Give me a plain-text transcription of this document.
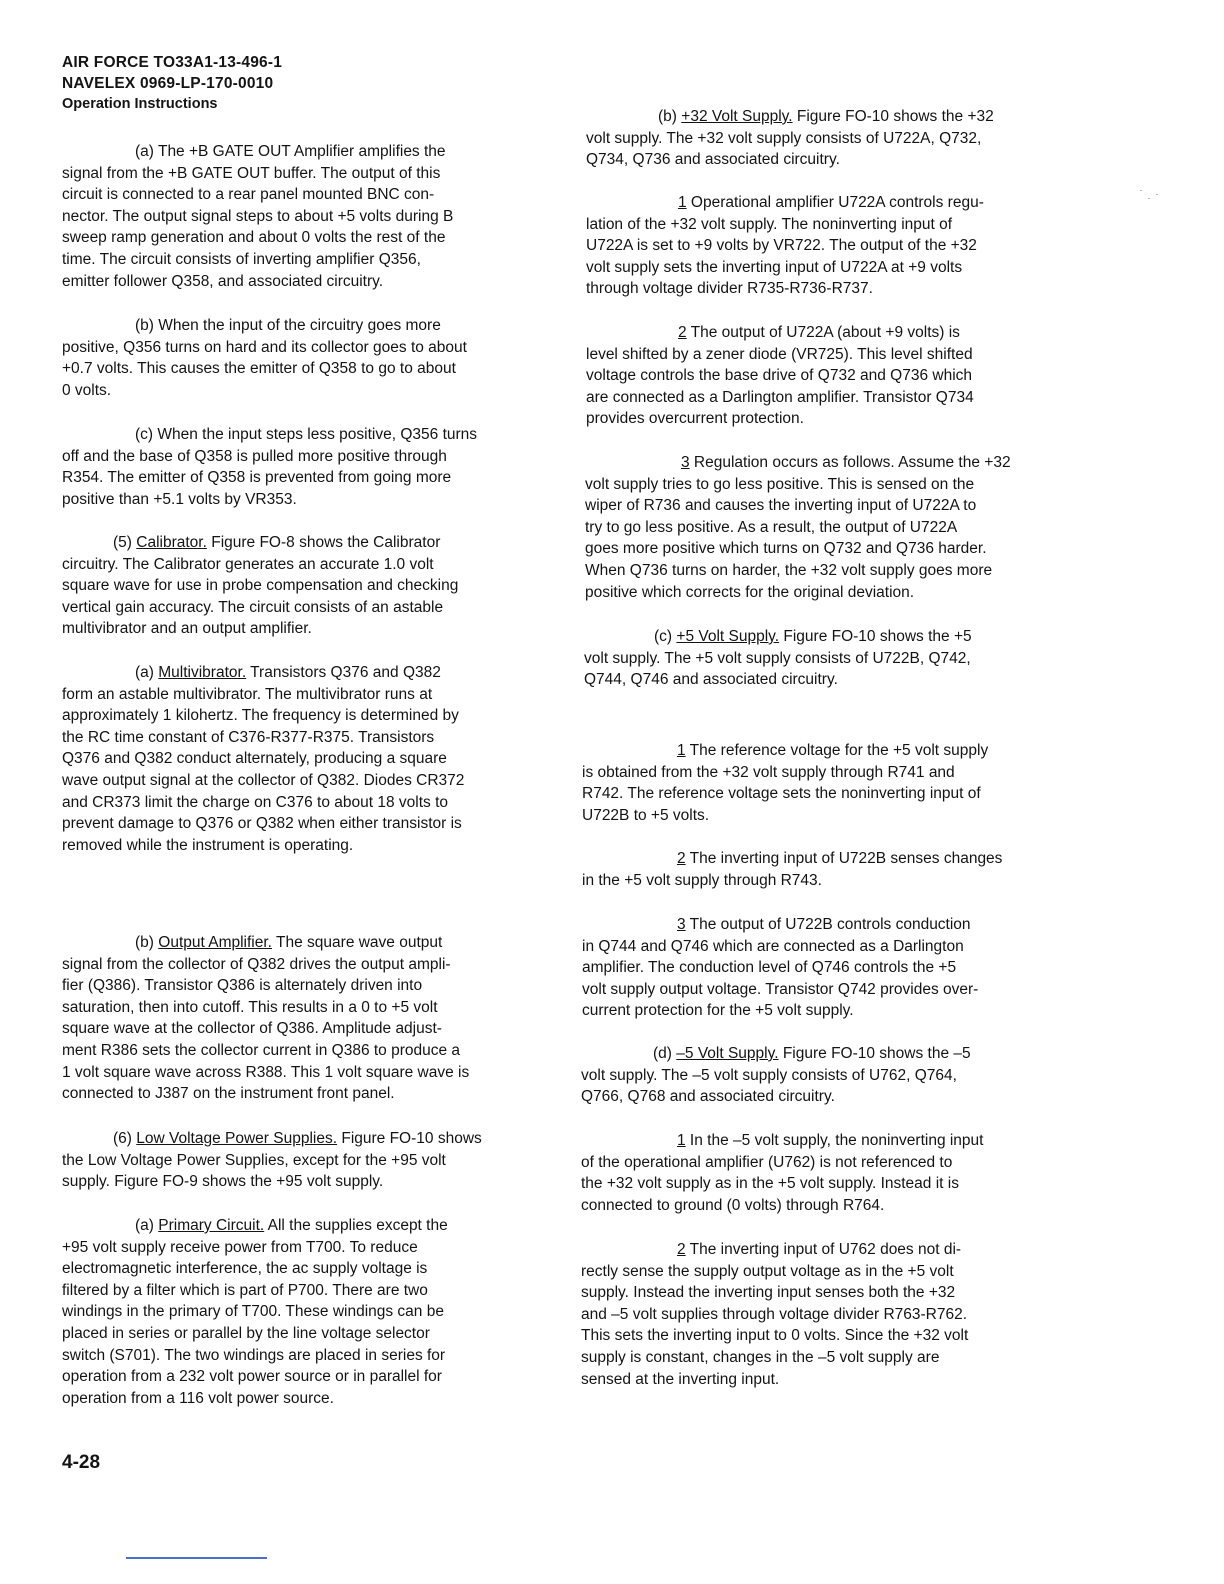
AIR FORCE TO33A1-13-496-1
NAVELEX 0969-LP-170-0010
Operation Instructions

(a) The +B GATE OUT Amplifier amplifies the
signal from the +B GATE OUT buffer. The output of this
circuit is connected to a rear panel mounted BNC con-
nector. The output signal steps to about +5 volts during B
sweep ramp generation and about 0 volts the rest of the
time. The circuit consists of inverting amplifier Q356,
emitter follower Q358, and associated circuitry.

(b) When the input of the circuitry goes more
positive, Q356 turns on hard and its collector goes to about
+0.7 volts. This causes the emitter of Q358 to go to about
0 volts.

(c) When the input steps less positive, Q356 turns
off and the base of Q358 is pulled more positive through
R354. The emitter of Q358 is prevented from going more
positive than +5.1 volts by VR353.

(5) Calibrator. Figure FO-8 shows the Calibrator
circuitry. The Calibrator generates an accurate 1.0 volt
square wave for use in probe compensation and checking
vertical gain accuracy. The circuit consists of an astable
multivibrator and an output amplifier.

(a) Multivibrator. Transistors Q376 and Q382
form an astable multivibrator. The multivibrator runs at
approximately 1 kilohertz. The frequency is determined by
the RC time constant of C376-R377-R375. Transistors
Q376 and Q382 conduct alternately, producing a square
wave output signal at the collector of Q382. Diodes CR372
and CR373 limit the charge on C376 to about 18 volts to
prevent damage to Q376 or Q382 when either transistor is
removed while the instrument is operating.

(b) Output Amplifier. The square wave output
signal from the collector of Q382 drives the output ampli-
fier (Q386). Transistor Q386 is alternately driven into
saturation, then into cutoff. This results in a 0 to +5 volt
square wave at the collector of Q386. Amplitude adjust-
ment R386 sets the collector current in Q386 to produce a
1 volt square wave across R388. This 1 volt square wave is
connected to J387 on the instrument front panel.

(6) Low Voltage Power Supplies. Figure FO-10 shows
the Low Voltage Power Supplies, except for the +95 volt
supply. Figure FO-9 shows the +95 volt supply.

(a) Primary Circuit. All the supplies except the
+95 volt supply receive power from T700. To reduce
electromagnetic interference, the ac supply voltage is
filtered by a filter which is part of P700. There are two
windings in the primary of T700. These windings can be
placed in series or parallel by the line voltage selector
switch (S701). The two windings are placed in series for
operation from a 232 volt power source or in parallel for
operation from a 116 volt power source.

(b) +32 Volt Supply. Figure FO-10 shows the +32
volt supply. The +32 volt supply consists of U722A, Q732,
Q734, Q736 and associated circuitry.

1 Operational amplifier U722A controls regu-
lation of the +32 volt supply. The noninverting input of
U722A is set to +9 volts by VR722. The output of the +32
volt supply sets the inverting input of U722A at +9 volts
through voltage divider R735-R736-R737.

2 The output of U722A (about +9 volts) is
level shifted by a zener diode (VR725). This level shifted
voltage controls the base drive of Q732 and Q736 which
are connected as a Darlington amplifier. Transistor Q734
provides overcurrent protection.

3 Regulation occurs as follows. Assume the +32
volt supply tries to go less positive. This is sensed on the
wiper of R736 and causes the inverting input of U722A to
try to go less positive. As a result, the output of U722A
goes more positive which turns on Q732 and Q736 harder.
When Q736 turns on harder, the +32 volt supply goes more
positive which corrects for the original deviation.

(c) +5 Volt Supply. Figure FO-10 shows the +5
volt supply. The +5 volt supply consists of U722B, Q742,
Q744, Q746 and associated circuitry.

1 The reference voltage for the +5 volt supply
is obtained from the +32 volt supply through R741 and
R742. The reference voltage sets the noninverting input of
U722B to +5 volts.

2 The inverting input of U722B senses changes
in the +5 volt supply through R743.

3 The output of U722B controls conduction
in Q744 and Q746 which are connected as a Darlington
amplifier. The conduction level of Q746 controls the +5
volt supply output voltage. Transistor Q742 provides over-
current protection for the +5 volt supply.

(d) –5 Volt Supply. Figure FO-10 shows the –5
volt supply. The –5 volt supply consists of U762, Q764,
Q766, Q768 and associated circuitry.

1 In the –5 volt supply, the noninverting input
of the operational amplifier (U762) is not referenced to
the +32 volt supply as in the +5 volt supply. Instead it is
connected to ground (0 volts) through R764.

2 The inverting input of U762 does not di-
rectly sense the supply output voltage as in the +5 volt
supply. Instead the inverting input senses both the +32
and –5 volt supplies through voltage divider R763-R762.
This sets the inverting input to 0 volts. Since the +32 volt
supply is constant, changes in the –5 volt supply are
sensed at the inverting input.

4-28
